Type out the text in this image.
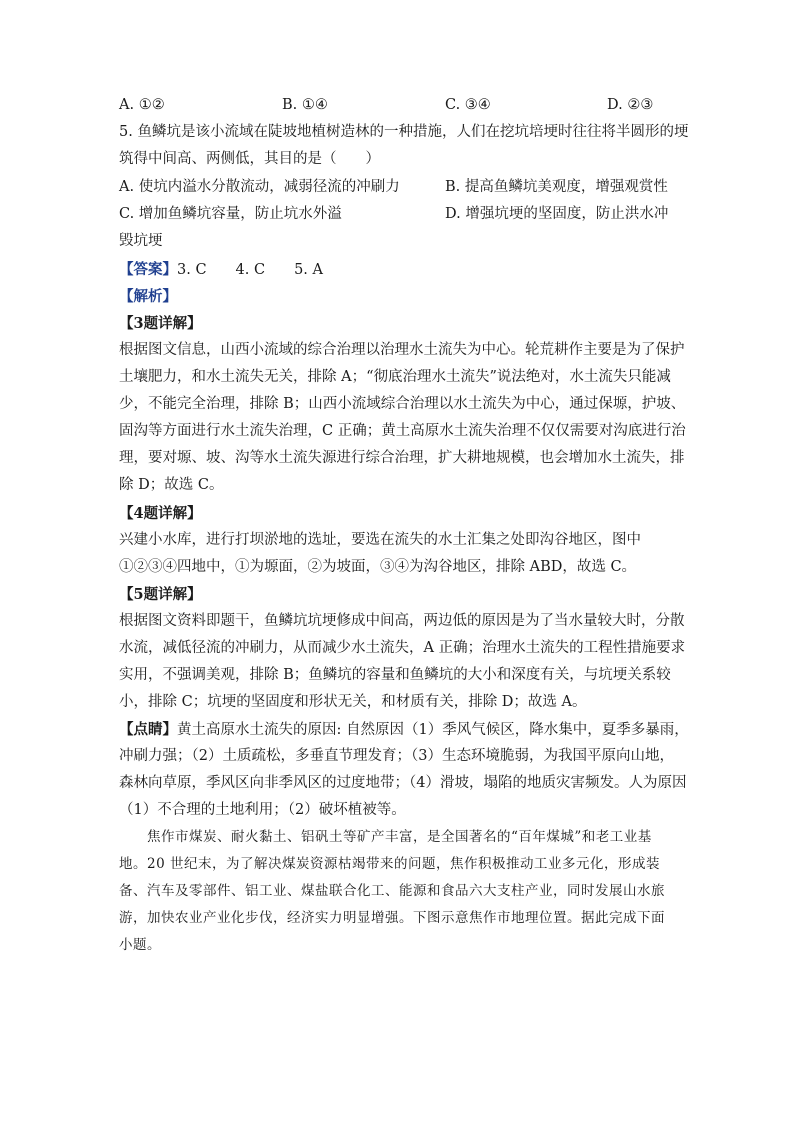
A. ①②	B. ①④	C. ③④	D. ②③
5. 鱼鳞坑是该小流域在陡坡地植树造林的一种措施，人们在挖坑培埂时往往将半圆形的埂
筑得中间高、两侧低，其目的是（　　）
A. 使坑内溢水分散流动，减弱径流的冲刷力	B. 提高鱼鳞坑美观度，增强观赏性
C. 增加鱼鳞坑容量，防止坑水外溢	D. 增强坑埂的坚固度，防止洪水冲
毁坑埂
【答案】3. C　　4. C　　5. A
【解析】
【3题详解】
根据图文信息，山西小流域的综合治理以治理水土流失为中心。轮荒耕作主要是为了保护
土壤肥力，和水土流失无关，排除 A；“彻底治理水土流失”说法绝对，水土流失只能减
少，不能完全治理，排除 B；山西小流域综合治理以水土流失为中心，通过保塬，护坡、
固沟等方面进行水土流失治理，C 正确；黄土高原水土流失治理不仅仅需要对沟底进行治
理，要对塬、坡、沟等水土流失源进行综合治理，扩大耕地规模，也会增加水土流失，排
除 D；故选 C。
【4题详解】
兴建小水库，进行打坝淤地的选址，要选在流失的水土汇集之处即沟谷地区，图中
①②③④四地中，①为塬面，②为坡面，③④为沟谷地区，排除 ABD，故选 C。
【5题详解】
根据图文资料即题干，鱼鳞坑坑埂修成中间高，两边低的原因是为了当水量较大时，分散
水流，减低径流的冲刷力，从而减少水土流失，A 正确；治理水土流失的工程性措施要求
实用，不强调美观，排除 B；鱼鳞坑的容量和鱼鳞坑的大小和深度有关，与坑埂关系较
小，排除 C；坑埂的坚固度和形状无关，和材质有关，排除 D；故选 A。
【点睛】黄土高原水土流失的原因: 自然原因（1）季风气候区，降水集中，夏季多暴雨，
冲刷力强；（2）土质疏松，多垂直节理发育；（3）生态环境脆弱，为我国平原向山地，
森林向草原，季风区向非季风区的过度地带；（4）滑坡，塌陷的地质灾害频发。人为原因
（1）不合理的土地利用；（2）破坏植被等。
焦作市煤炭、耐火黏土、铝矾土等矿产丰富，是全国著名的“百年煤城”和老工业基
地。20 世纪末，为了解决煤炭资源枯竭带来的问题，焦作积极推动工业多元化，形成装
备、汽车及零部件、铝工业、煤盐联合化工、能源和食品六大支柱产业，同时发展山水旅
游，加快农业产业化步伐，经济实力明显增强。下图示意焦作市地理位置。据此完成下面
小题。
